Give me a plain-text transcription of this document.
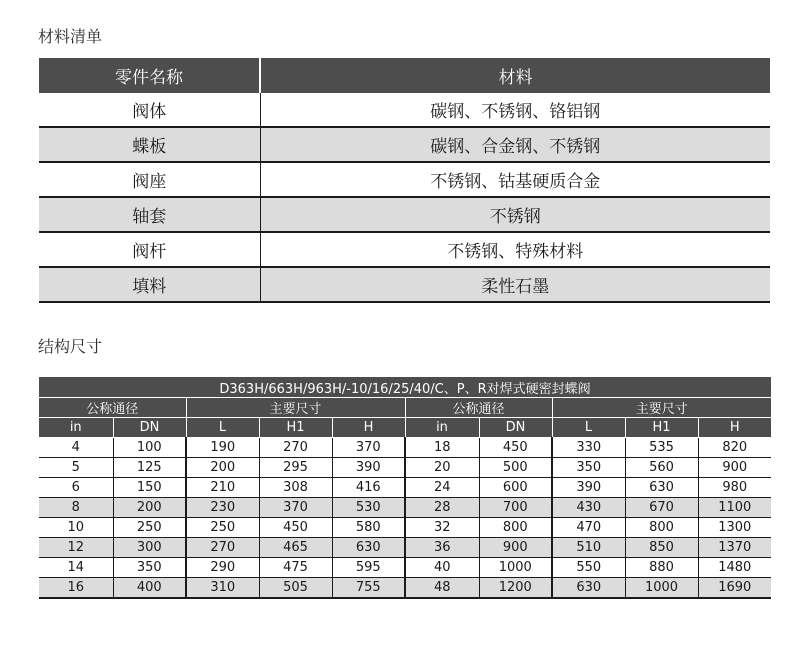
材料清单
零件名称	材料
阀体	碳钢、不锈钢、铬铝钢
蝶板	碳钢、合金钢、不锈钢
阀座	不锈钢、钴基硬质合金
轴套	不锈钢
阀杆	不锈钢、特殊材料
填料	柔性石墨
结构尺寸
D363H/663H/963H/-10/16/25/40/C、P、R对焊式硬密封蝶阀									
公称通径		主要尺寸			公称通径		主要尺寸		
in	DN	L	H1	H	in	DN	L	H1	H
4	100	190	270	370	18	450	330	535	820
5	125	200	295	390	20	500	350	560	900
6	150	210	308	416	24	600	390	630	980
8	200	230	370	530	28	700	430	670	1100
10	250	250	450	580	32	800	470	800	1300
12	300	270	465	630	36	900	510	850	1370
14	350	290	475	595	40	1000	550	880	1480
16	400	310	505	755	48	1200	630	1000	1690
